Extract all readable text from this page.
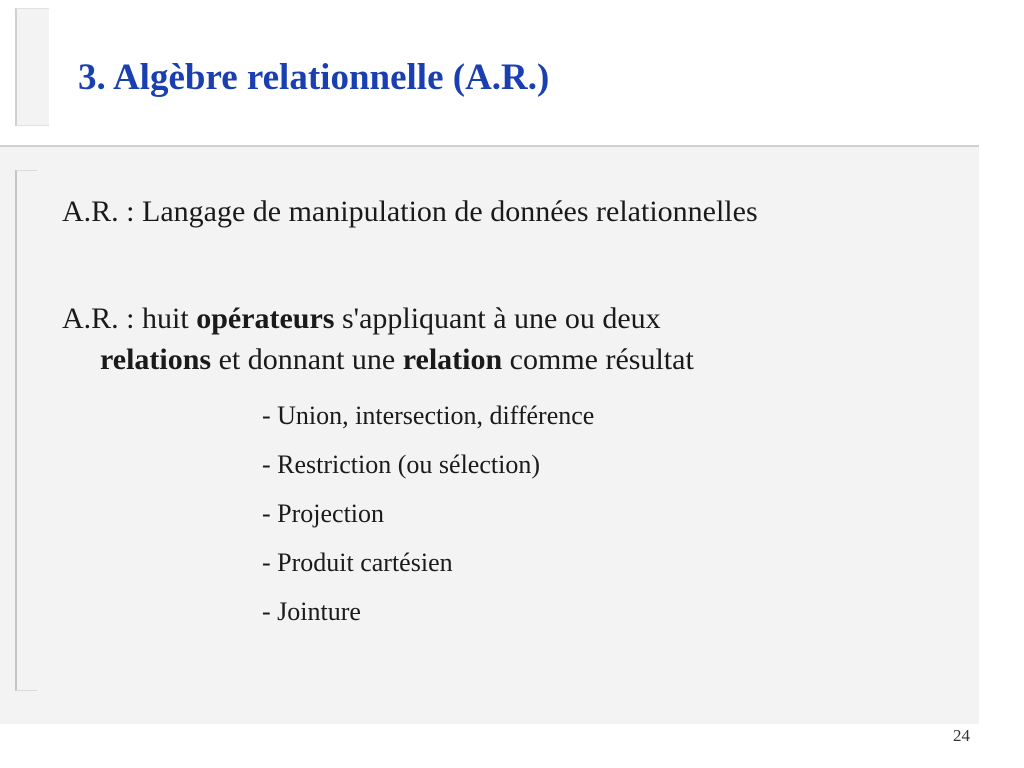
3. Algèbre relationnelle (A.R.)

A.R. : Langage de manipulation de données relationnelles

A.R. : huit opérateurs s'appliquant à une ou deux
relations et donnant une relation comme résultat

- Union, intersection, différence
- Restriction (ou sélection)
- Projection
- Produit cartésien
- Jointure
24
